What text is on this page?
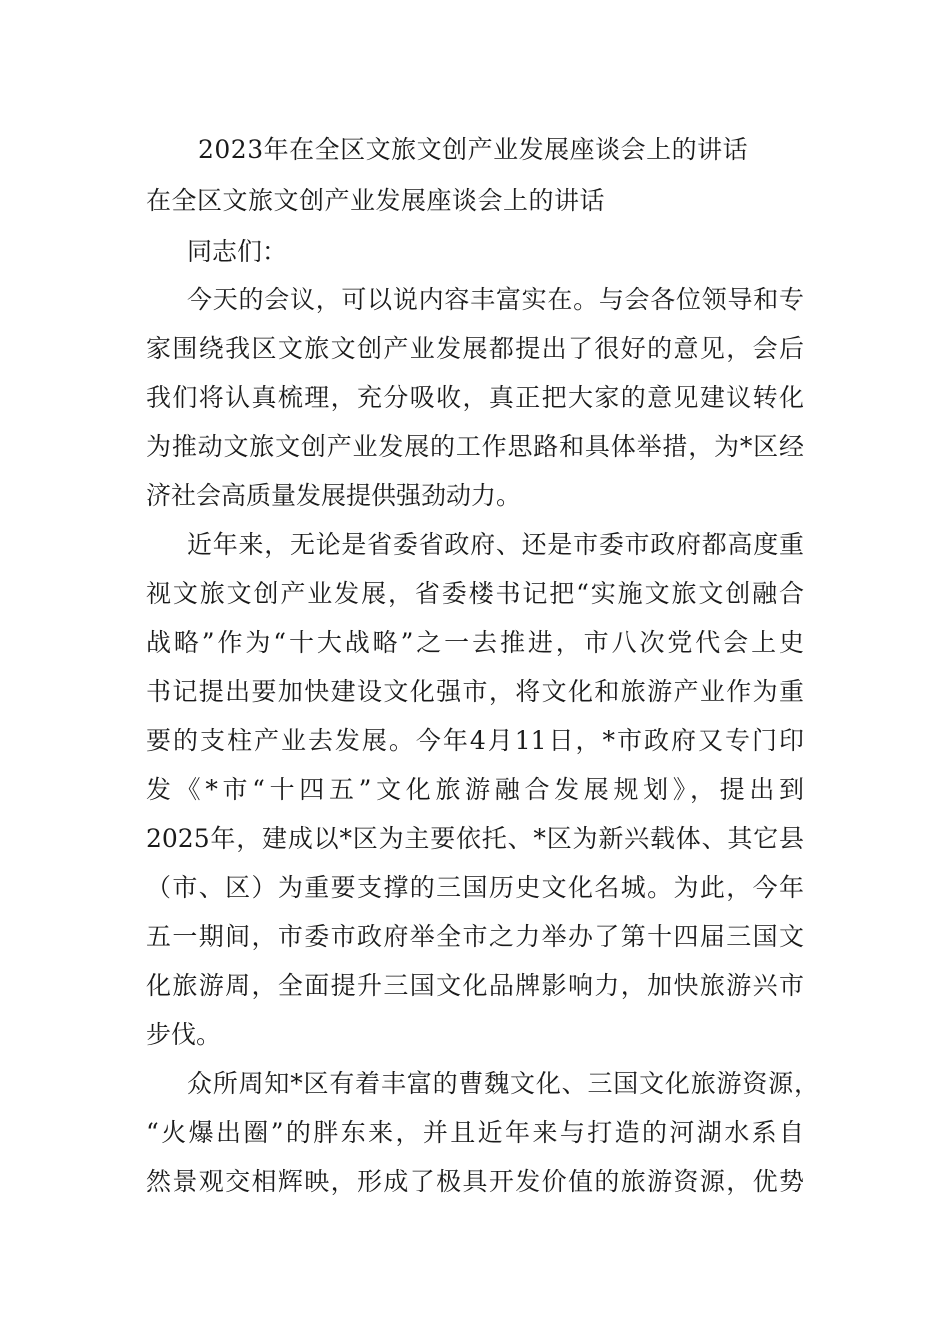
2023年在全区文旅文创产业发展座谈会上的讲话
在全区文旅文创产业发展座谈会上的讲话
同志们：
今天的会议，可以说内容丰富实在。与会各位领导和专
家围绕我区文旅文创产业发展都提出了很好的意见，会后
我们将认真梳理，充分吸收，真正把大家的意见建议转化
为推动文旅文创产业发展的工作思路和具体举措，为*区经
济社会高质量发展提供强劲动力。
近年来，无论是省委省政府、还是市委市政府都高度重
视文旅文创产业发展，省委楼书记把“实施文旅文创融合
战略”作为“十大战略”之一去推进，市八次党代会上史
书记提出要加快建设文化强市，将文化和旅游产业作为重
要的支柱产业去发展。今年4月11日，*市政府又专门印
发《*市“十四五”文化旅游融合发展规划》，提出到
2025年，建成以*区为主要依托、*区为新兴载体、其它县
（市、区）为重要支撑的三国历史文化名城。为此，今年
五一期间，市委市政府举全市之力举办了第十四届三国文
化旅游周，全面提升三国文化品牌影响力，加快旅游兴市
步伐。
众所周知*区有着丰富的曹魏文化、三国文化旅游资源，
“火爆出圈”的胖东来，并且近年来与打造的河湖水系自
然景观交相辉映，形成了极具开发价值的旅游资源，优势
